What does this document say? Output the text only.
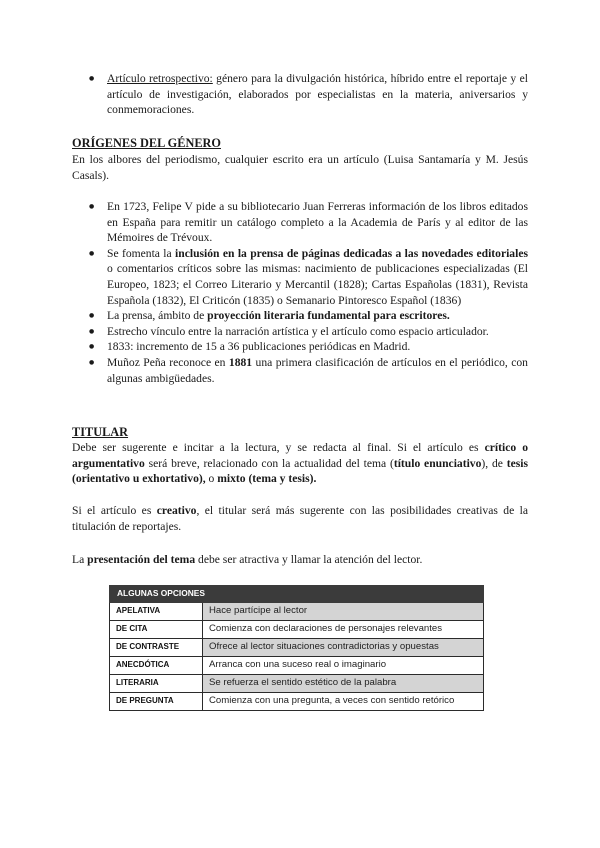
● Artículo retrospectivo: género para la divulgación histórica, híbrido entre el reportaje y el artículo de investigación, elaborados por especialistas en la materia, aniversarios y conmemoraciones.
ORÍGENES DEL GÉNERO
En los albores del periodismo, cualquier escrito era un artículo (Luisa Santamaría y M. Jesús Casals).
● En 1723, Felipe V pide a su bibliotecario Juan Ferreras información de los libros editados en España para remitir un catálogo completo a la Academia de París y al editor de las Mémoires de Trévoux.
● Se fomenta la inclusión en la prensa de páginas dedicadas a las novedades editoriales o comentarios críticos sobre las mismas: nacimiento de publicaciones especializadas (El Europeo, 1823; el Correo Literario y Mercantil (1828); Cartas Españolas (1831), Revista Española (1832), El Criticón (1835) o Semanario Pintoresco Español (1836)
● La prensa, ámbito de proyección literaria fundamental para escritores.
● Estrecho vínculo entre la narración artística y el artículo como espacio articulador.
● 1833: incremento de 15 a 36 publicaciones periódicas en Madrid.
● Muñoz Peña reconoce en 1881 una primera clasificación de artículos en el periódico, con algunas ambigüedades.
TITULAR
Debe ser sugerente e incitar a la lectura, y se redacta al final. Si el artículo es crítico o argumentativo será breve, relacionado con la actualidad del tema (título enunciativo), de tesis (orientativo u exhortativo), o mixto (tema y tesis).
Si el artículo es creativo, el titular será más sugerente con las posibilidades creativas de la titulación de reportajes.
La presentación del tema debe ser atractiva y llamar la atención del lector.
ALGUNAS OPCIONES	
APELATIVA	Hace partícipe al lector
DE CITA	Comienza con declaraciones de personajes relevantes
DE CONTRASTE	Ofrece al lector situaciones contradictorias y opuestas
ANECDÓTICA	Arranca con una suceso real o imaginario
LITERARIA	Se refuerza el sentido estético de la palabra
DE PREGUNTA	Comienza con una pregunta, a veces con sentido retórico
